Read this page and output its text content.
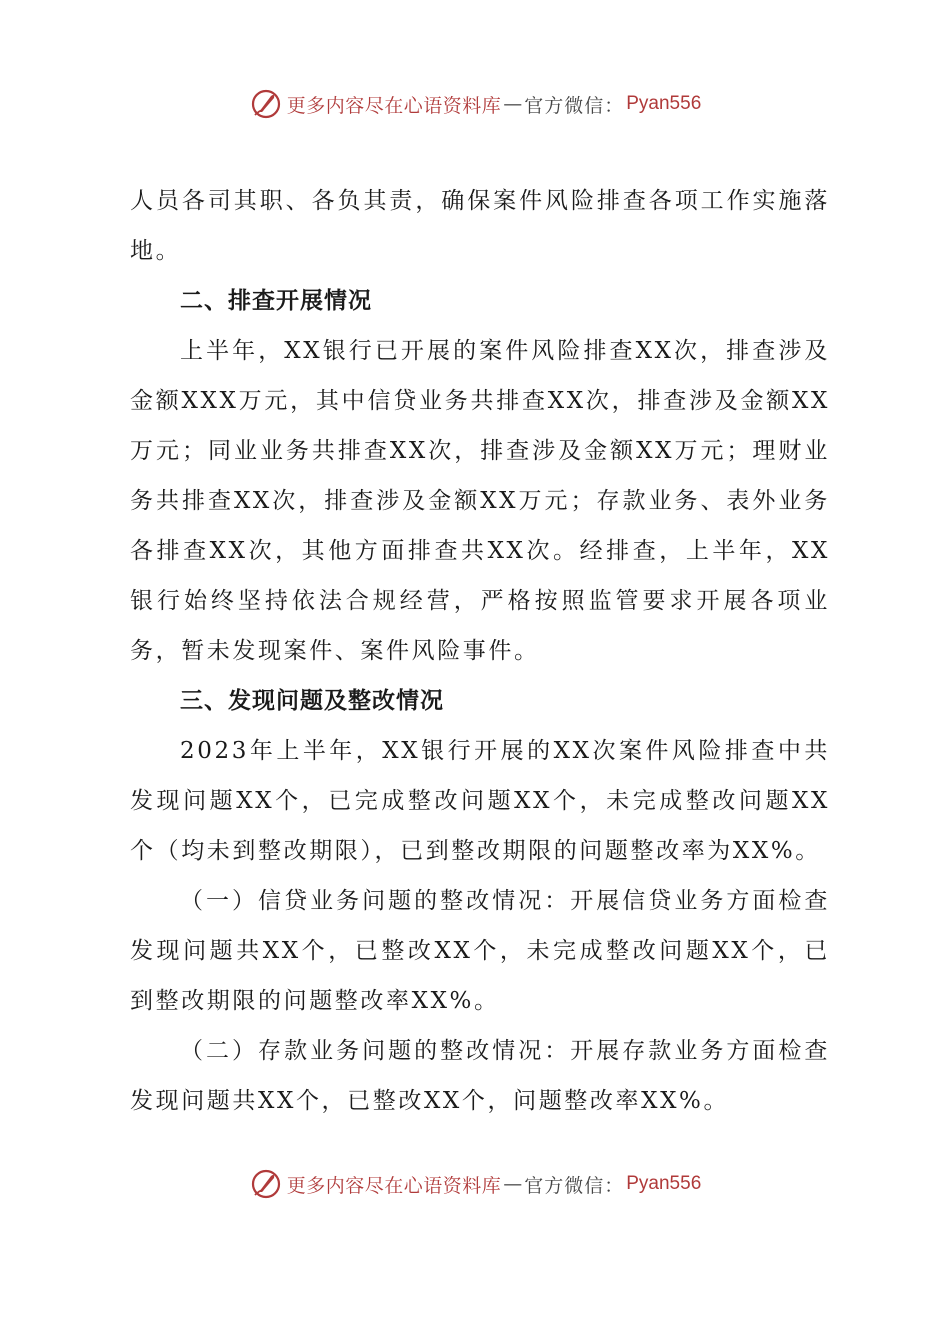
更多内容尽在心语资料库 — 官方微信： Pyan556

人员各司其职、各负其责，确保案件风险排查各项工作实施落地。

二、排查开展情况

上半年，XX银行已开展的案件风险排查XX次，排查涉及金额XXX万元，其中信贷业务共排查XX次，排查涉及金额XX万元；同业业务共排查XX次，排查涉及金额XX万元；理财业务共排查XX次，排查涉及金额XX万元；存款业务、表外业务各排查XX次，其他方面排查共XX次。经排查，上半年，XX银行始终坚持依法合规经营，严格按照监管要求开展各项业务，暂未发现案件、案件风险事件。

三、发现问题及整改情况

2023年上半年，XX银行开展的XX次案件风险排查中共发现问题XX个，已完成整改问题XX个，未完成整改问题XX个（均未到整改期限），已到整改期限的问题整改率为XX%。

（一）信贷业务问题的整改情况：开展信贷业务方面检查发现问题共XX个，已整改XX个，未完成整改问题XX个，已到整改期限的问题整改率XX%。

（二）存款业务问题的整改情况：开展存款业务方面检查发现问题共XX个，已整改XX个，问题整改率XX%。

更多内容尽在心语资料库 — 官方微信： Pyan556
